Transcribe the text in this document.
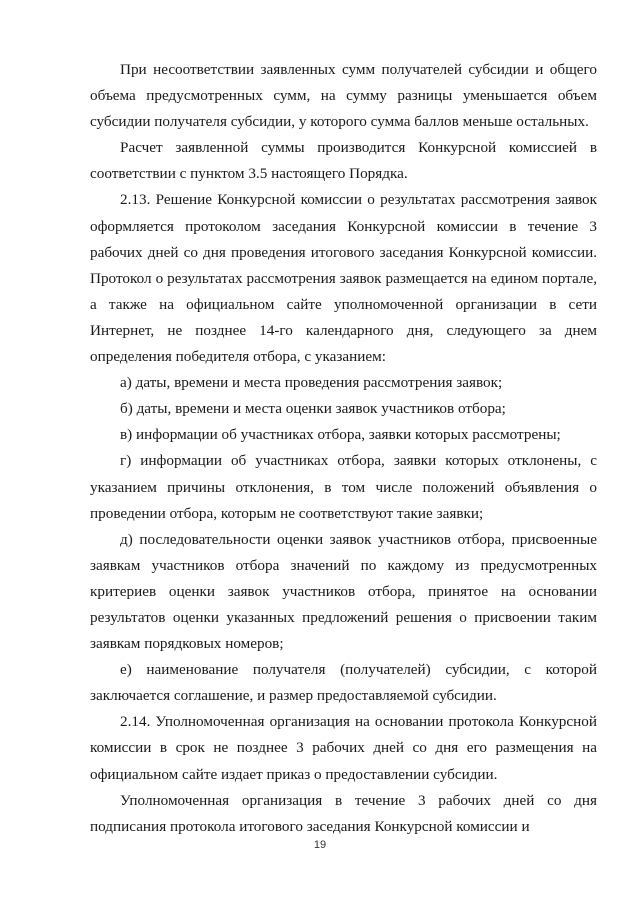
При несоответствии заявленных сумм получателей субсидии и общего объема предусмотренных сумм, на сумму разницы уменьшается объем субсидии получателя субсидии, у которого сумма баллов меньше остальных.

Расчет заявленной суммы производится Конкурсной комиссией в соответствии с пунктом 3.5 настоящего Порядка.

2.13. Решение Конкурсной комиссии о результатах рассмотрения заявок оформляется протоколом заседания Конкурсной комиссии в течение 3 рабочих дней со дня проведения итогового заседания Конкурсной комиссии. Протокол о результатах рассмотрения заявок размещается на едином портале, а также на официальном сайте уполномоченной организации в сети Интернет, не позднее 14-го календарного дня, следующего за днем определения победителя отбора, с указанием:

а) даты, времени и места проведения рассмотрения заявок;

б) даты, времени и места оценки заявок участников отбора;

в) информации об участниках отбора, заявки которых рассмотрены;

г) информации об участниках отбора, заявки которых отклонены, с указанием причины отклонения, в том числе положений объявления о проведении отбора, которым не соответствуют такие заявки;

д) последовательности оценки заявок участников отбора, присвоенные заявкам участников отбора значений по каждому из предусмотренных критериев оценки заявок участников отбора, принятое на основании результатов оценки указанных предложений решения о присвоении таким заявкам порядковых номеров;

е) наименование получателя (получателей) субсидии, с которой заключается соглашение, и размер предоставляемой субсидии.

2.14. Уполномоченная организация на основании протокола Конкурсной комиссии в срок не позднее 3 рабочих дней со дня его размещения на официальном сайте издает приказ о предоставлении субсидии.

Уполномоченная организация в течение 3 рабочих дней со дня подписания протокола итогового заседания Конкурсной комиссии и

19
